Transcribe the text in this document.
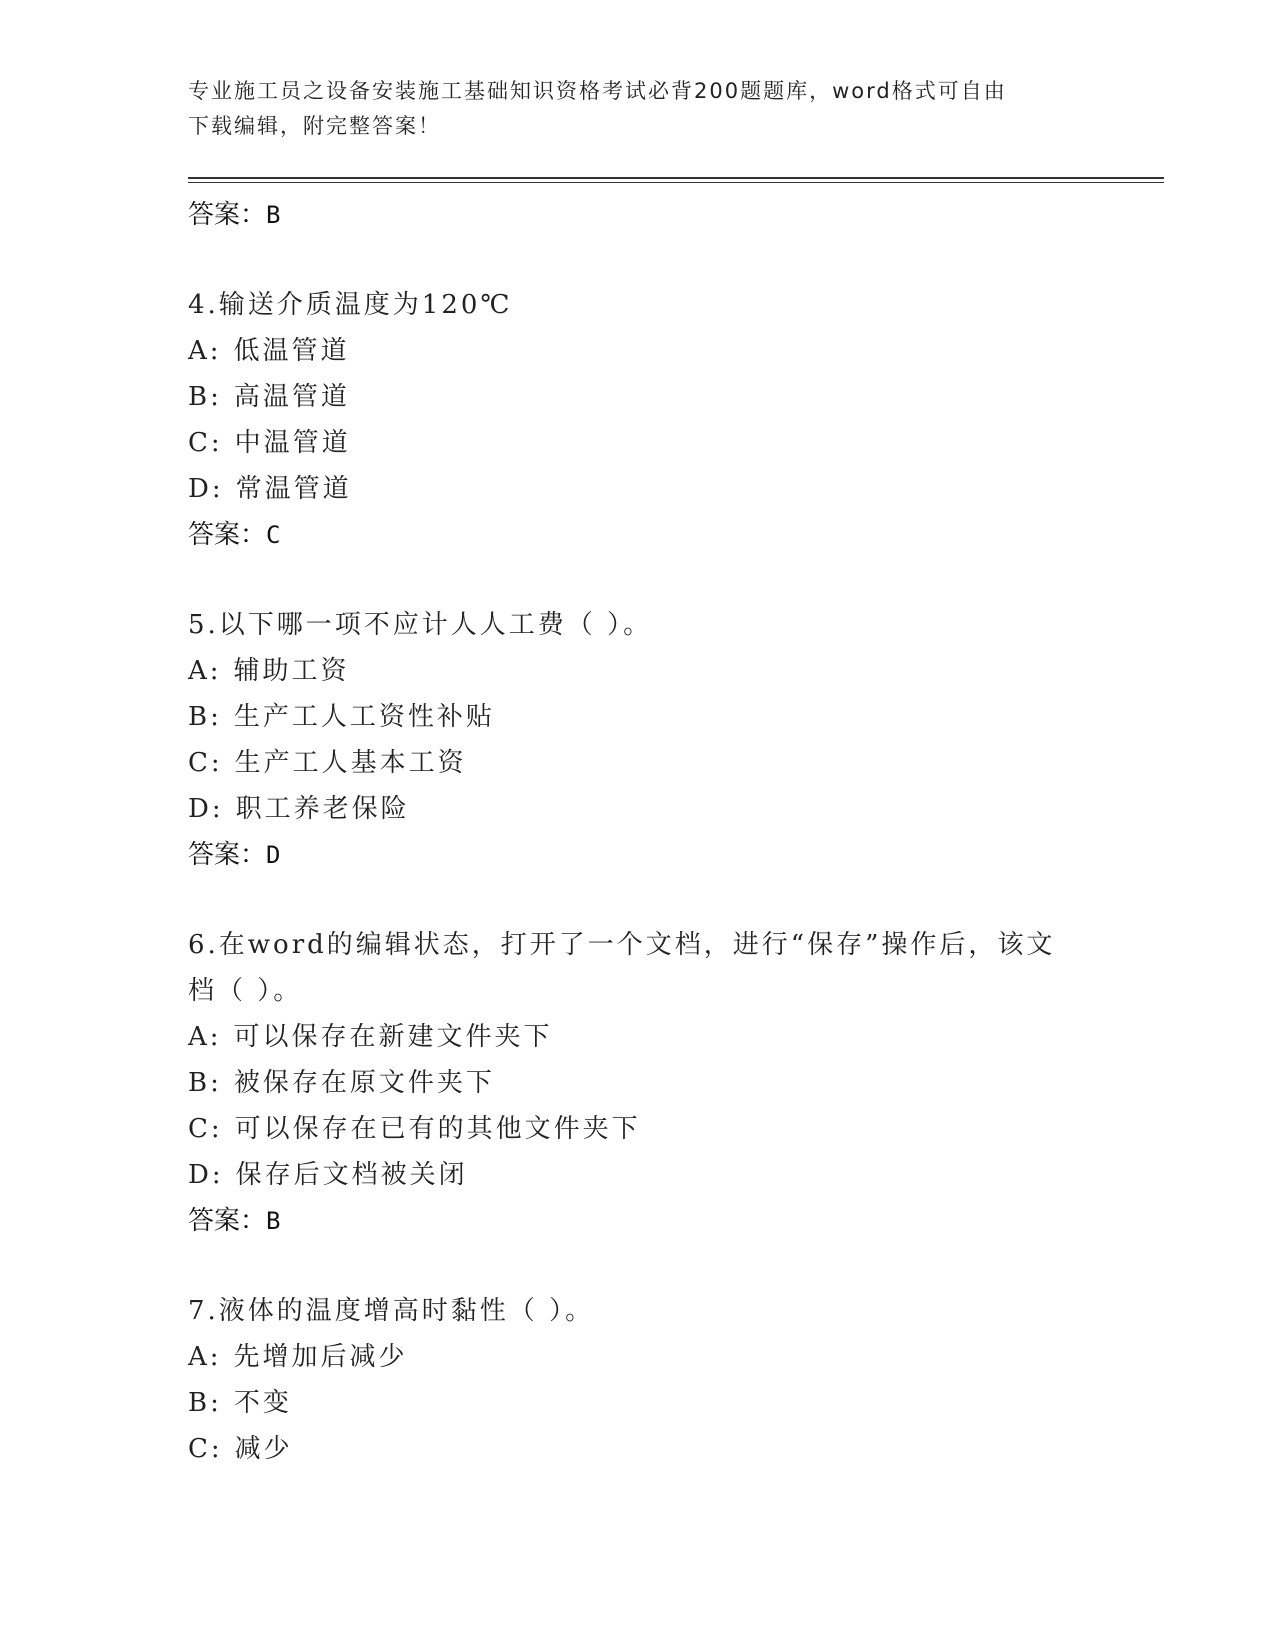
专业施工员之设备安装施工基础知识资格考试必背200题题库，word格式可自由
下载编辑，附完整答案！
答案：B
4.输送介质温度为120℃
A: 低温管道
B: 高温管道
C: 中温管道
D: 常温管道
答案：C
5.以下哪一项不应计人人工费（ ）。
A: 辅助工资
B: 生产工人工资性补贴
C: 生产工人基本工资
D: 职工养老保险
答案：D
6.在word的编辑状态，打开了一个文档，进行“保存”操作后，该文
档（ ）。
A: 可以保存在新建文件夹下
B: 被保存在原文件夹下
C: 可以保存在已有的其他文件夹下
D: 保存后文档被关闭
答案：B
7.液体的温度增高时黏性（ ）。
A: 先增加后减少
B: 不变
C: 减少
